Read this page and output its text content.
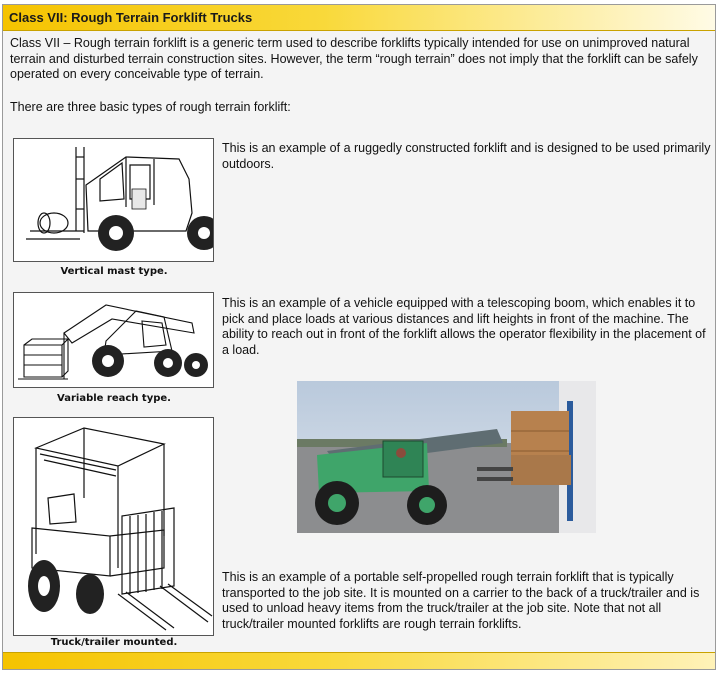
Class VII: Rough Terrain Forklift Trucks

Class VII – Rough terrain forklift is a generic term used to describe forklifts typically intended for use on unimproved natural terrain and disturbed terrain construction sites. However, the term “rough terrain” does not imply that the forklift can be safely operated on every conceivable type of terrain.

There are three basic types of rough terrain forklift:

Vertical mast type.

This is an example of a ruggedly constructed forklift and is designed to be used primarily outdoors.

Variable reach type.

This is an example of a vehicle equipped with a telescoping boom, which enables it to pick and place loads at various distances and lift heights in front of the machine. The ability to reach out in front of the forklift allows the operator flexibility in the placement of a load.

Truck/trailer mounted.

This is an example of a portable self-propelled rough terrain forklift that is typically transported to the job site. It is mounted on a carrier to the back of a truck/trailer and is used to unload heavy items from the truck/trailer at the job site. Note that not all truck/trailer mounted forklifts are rough terrain forklifts.
